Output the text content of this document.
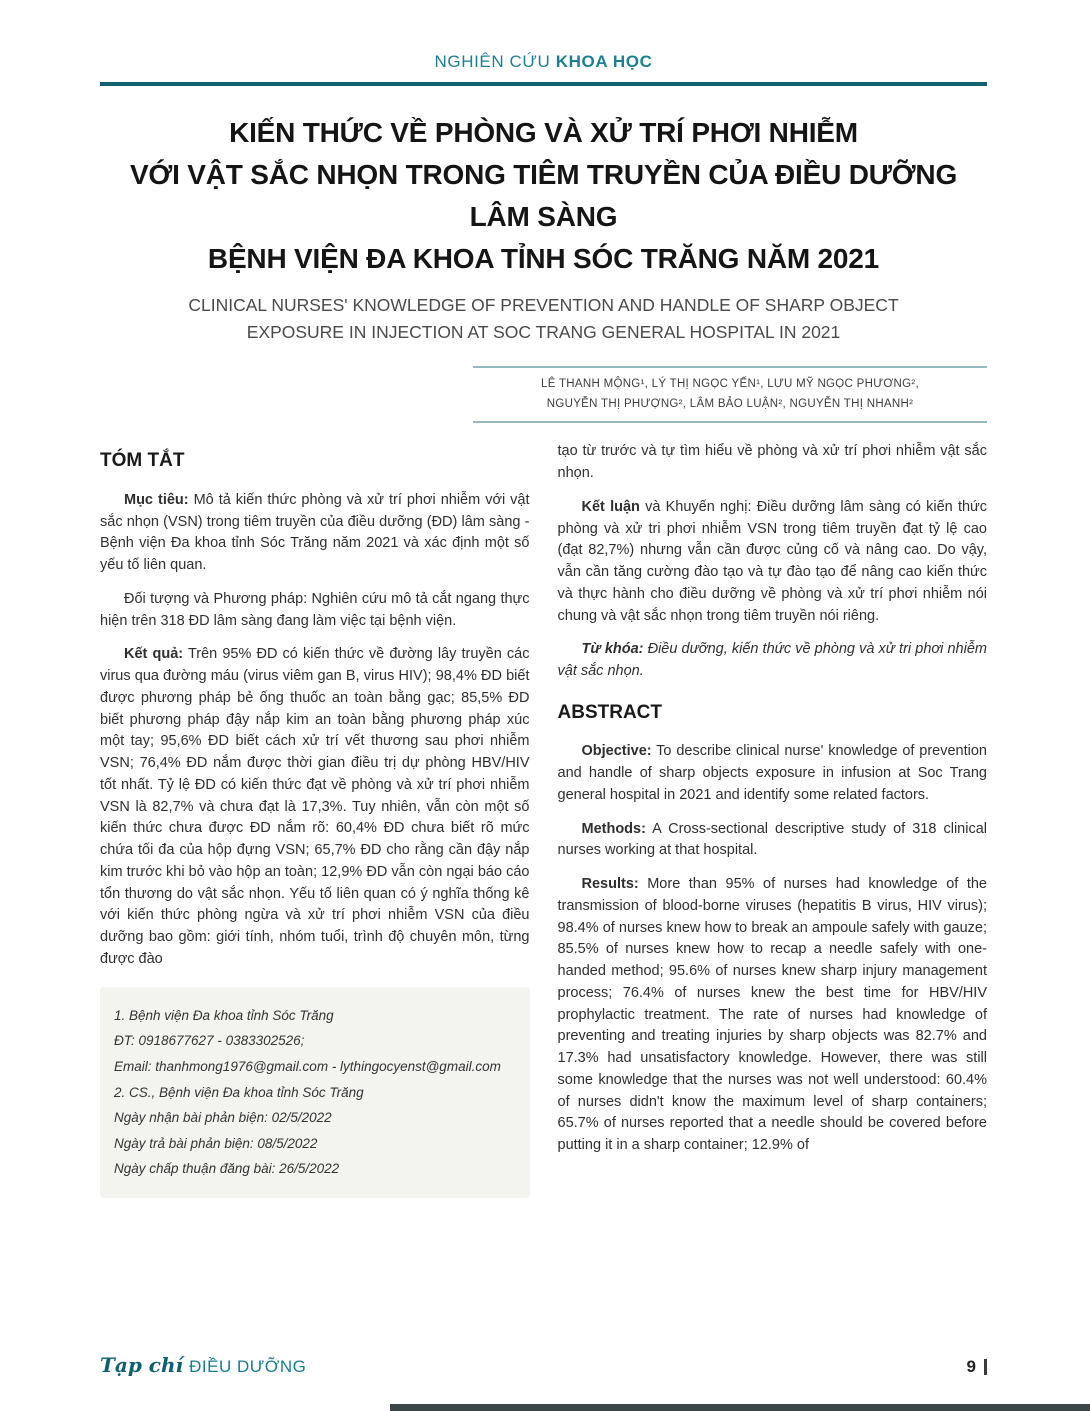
NGHIÊN CỨU KHOA HỌC
KIẾN THỨC VỀ PHÒNG VÀ XỬ TRÍ PHƠI NHIỄM
VỚI VẬT SẮC NHỌN TRONG TIÊM TRUYỀN CỦA ĐIỀU DƯỠNG LÂM SÀNG
BỆNH VIỆN ĐA KHOA TỈNH SÓC TRĂNG NĂM 2021
CLINICAL NURSES' KNOWLEDGE OF PREVENTION AND HANDLE OF SHARP OBJECT
EXPOSURE IN INJECTION AT SOC TRANG GENERAL HOSPITAL IN 2021
LÊ THANH MỘNG¹, LÝ THỊ NGỌC YẾN¹, LƯU MỸ NGỌC PHƯƠNG²,
NGUYỄN THỊ PHƯỢNG², LÂM BẢO LUẬN², NGUYỄN THỊ NHANH²
TÓM TẮT

Mục tiêu: Mô tả kiến thức phòng và xử trí phơi nhiễm với vật sắc nhọn (VSN) trong tiêm truyền của điều dưỡng (ĐD) lâm sàng - Bệnh viện Đa khoa tỉnh Sóc Trăng năm 2021 và xác định một số yếu tố liên quan.

Đối tượng và Phương pháp: Nghiên cứu mô tả cắt ngang thực hiện trên 318 ĐD lâm sàng đang làm việc tại bệnh viện.

Kết quả: Trên 95% ĐD có kiến thức về đường lây truyền các virus qua đường máu (virus viêm gan B, virus HIV); 98,4% ĐD biết được phương pháp bẻ ống thuốc an toàn bằng gạc; 85,5% ĐD biết phương pháp đậy nắp kim an toàn bằng phương pháp xúc một tay; 95,6% ĐD biết cách xử trí vết thương sau phơi nhiễm VSN; 76,4% ĐD nắm được thời gian điều trị dự phòng HBV/HIV tốt nhất. Tỷ lệ ĐD có kiến thức đạt về phòng và xử trí phơi nhiễm VSN là 82,7% và chưa đạt là 17,3%. Tuy nhiên, vẫn còn một số kiến thức chưa được ĐD nắm rõ: 60,4% ĐD chưa biết rõ mức chứa tối đa của hộp đựng VSN; 65,7% ĐD cho rằng cần đậy nắp kim trước khi bỏ vào hộp an toàn; 12,9% ĐD vẫn còn ngại báo cáo tổn thương do vật sắc nhọn. Yếu tố liên quan có ý nghĩa thống kê với kiến thức phòng ngừa và xử trí phơi nhiễm VSN của điều dưỡng bao gồm: giới tính, nhóm tuổi, trình độ chuyên môn, từng được đào

1. Bệnh viện Đa khoa tỉnh Sóc Trăng
ĐT: 0918677627 - 0383302526;
Email: thanhmong1976@gmail.com - lythingocyenst@gmail.com
2. CS., Bệnh viện Đa khoa tỉnh Sóc Trăng
Ngày nhận bài phản biện: 02/5/2022
Ngày trả bài phản biện: 08/5/2022
Ngày chấp thuận đăng bài: 26/5/2022

tạo từ trước và tự tìm hiểu về phòng và xử trí phơi nhiễm vật sắc nhọn.

Kết luận và Khuyến nghị: Điều dưỡng lâm sàng có kiến thức phòng và xử tri phơi nhiễm VSN trong tiêm truyền đạt tỷ lệ cao (đạt 82,7%) nhưng vẫn cần được củng cố và nâng cao. Do vậy, vẫn cần tăng cường đào tạo và tự đào tạo để nâng cao kiến thức và thực hành cho điều dưỡng về phòng và xử trí phơi nhiễm nói chung và vật sắc nhọn trong tiêm truyền nói riêng.

Từ khóa: Điều dưỡng, kiến thức về phòng và xử tri phơi nhiễm vật sắc nhọn.

ABSTRACT

Objective: To describe clinical nurse' knowledge of prevention and handle of sharp objects exposure in infusion at Soc Trang general hospital in 2021 and identify some related factors.

Methods: A Cross-sectional descriptive study of 318 clinical nurses working at that hospital.

Results: More than 95% of nurses had knowledge of the transmission of blood-borne viruses (hepatitis B virus, HIV virus); 98.4% of nurses knew how to break an ampoule safely with gauze; 85.5% of nurses knew how to recap a needle safely with one-handed method; 95.6% of nurses knew sharp injury management process; 76.4% of nurses knew the best time for HBV/HIV prophylactic treatment. The rate of nurses had knowledge of preventing and treating injuries by sharp objects was 82.7% and 17.3% had unsatisfactory knowledge. However, there was still some knowledge that the nurses was not well understood: 60.4% of nurses didn't know the maximum level of sharp containers; 65.7% of nurses reported that a needle should be covered before putting it in a sharp container; 12.9% of

Tạp chí ĐIỀU DƯỠNG	9
